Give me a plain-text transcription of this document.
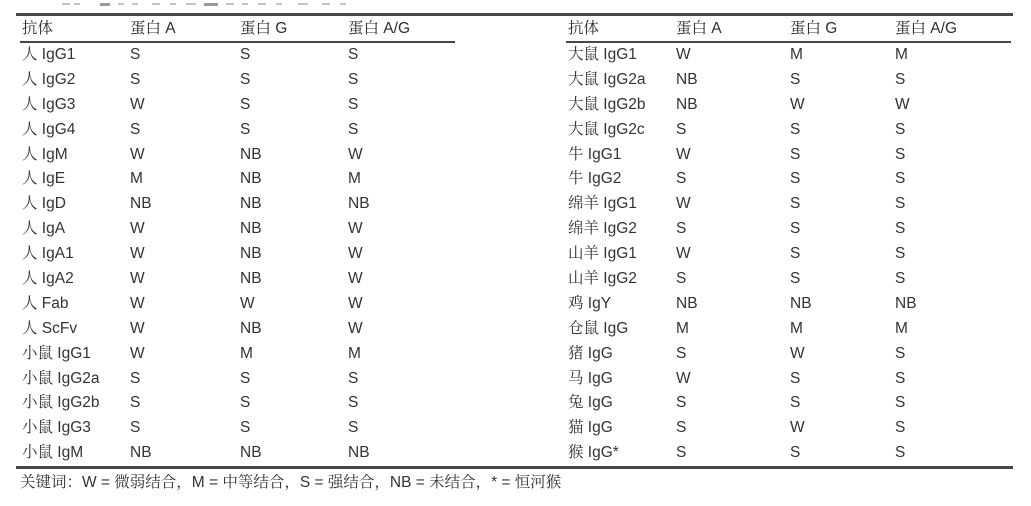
抗体	蛋白 A	蛋白 G	蛋白 A/G
人 IgG1	S	S	S
人 IgG2	S	S	S
人 IgG3	W	S	S
人 IgG4	S	S	S
人 IgM	W	NB	W
人 IgE	M	NB	M
人 IgD	NB	NB	NB
人 IgA	W	NB	W
人 IgA1	W	NB	W
人 IgA2	W	NB	W
人 Fab	W	W	W
人 ScFv	W	NB	W
小鼠 IgG1	W	M	M
小鼠 IgG2a	S	S	S
小鼠 IgG2b	S	S	S
小鼠 IgG3	S	S	S
小鼠 IgM	NB	NB	NB
抗体	蛋白 A	蛋白 G	蛋白 A/G
大鼠 IgG1	W	M	M
大鼠 IgG2a	NB	S	S
大鼠 IgG2b	NB	W	W
大鼠 IgG2c	S	S	S
牛 IgG1	W	S	S
牛 IgG2	S	S	S
绵羊 IgG1	W	S	S
绵羊 IgG2	S	S	S
山羊 IgG1	W	S	S
山羊 IgG2	S	S	S
鸡 IgY	NB	NB	NB
仓鼠 IgG	M	M	M
猪 IgG	S	W	S
马 IgG	W	S	S
兔 IgG	S	S	S
猫 IgG	S	W	S
猴 IgG*	S	S	S
关键词：W = 微弱结合，M = 中等结合，S = 强结合，NB = 未结合，* = 恒河猴
